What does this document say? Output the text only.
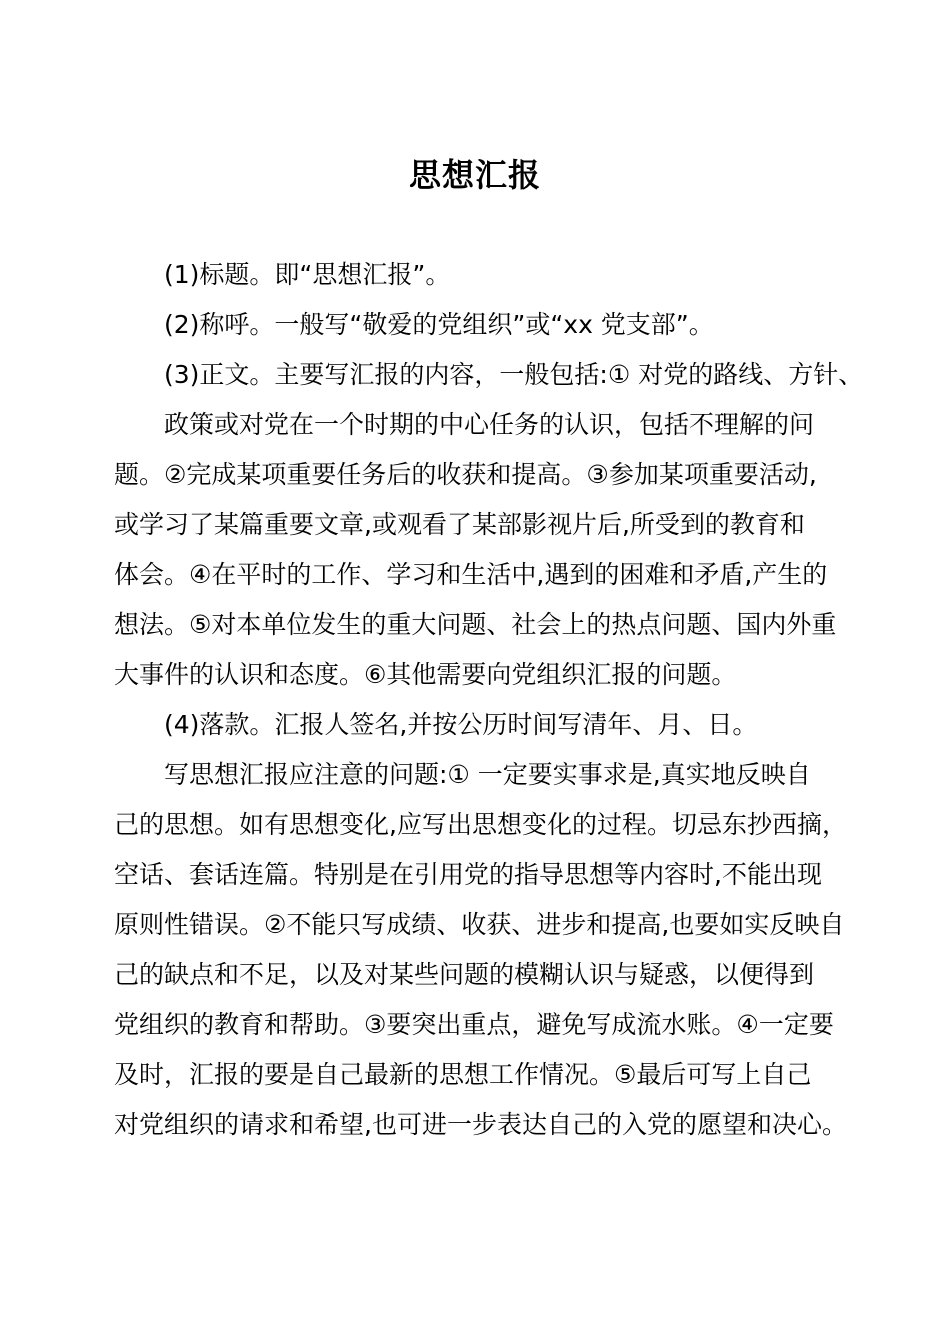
思想汇报
(1)标题。即“思想汇报”。
(2)称呼。一般写“敬爱的党组织”或“xx 党支部”。
(3)正文。主要写汇报的内容，一般包括:① 对党的路线、方针、
政策或对党在一个时期的中心任务的认识，包括不理解的问
题。②完成某项重要任务后的收获和提高。③参加某项重要活动,
或学习了某篇重要文章,或观看了某部影视片后,所受到的教育和
体会。④在平时的工作、学习和生活中,遇到的困难和矛盾,产生的
想法。⑤对本单位发生的重大问题、社会上的热点问题、国内外重
大事件的认识和态度。⑥其他需要向党组织汇报的问题。
(4)落款。汇报人签名,并按公历时间写清年、月、日。
写思想汇报应注意的问题:① 一定要实事求是,真实地反映自
己的思想。如有思想变化,应写出思想变化的过程。切忌东抄西摘，
空话、套话连篇。特别是在引用党的指导思想等内容时,不能出现
原则性错误。②不能只写成绩、收获、进步和提高,也要如实反映自
己的缺点和不足，以及对某些问题的模糊认识与疑惑，以便得到
党组织的教育和帮助。③要突出重点，避免写成流水账。④一定要
及时，汇报的要是自己最新的思想工作情况。⑤最后可写上自己
对党组织的请求和希望,也可进一步表达自己的入党的愿望和决心。
